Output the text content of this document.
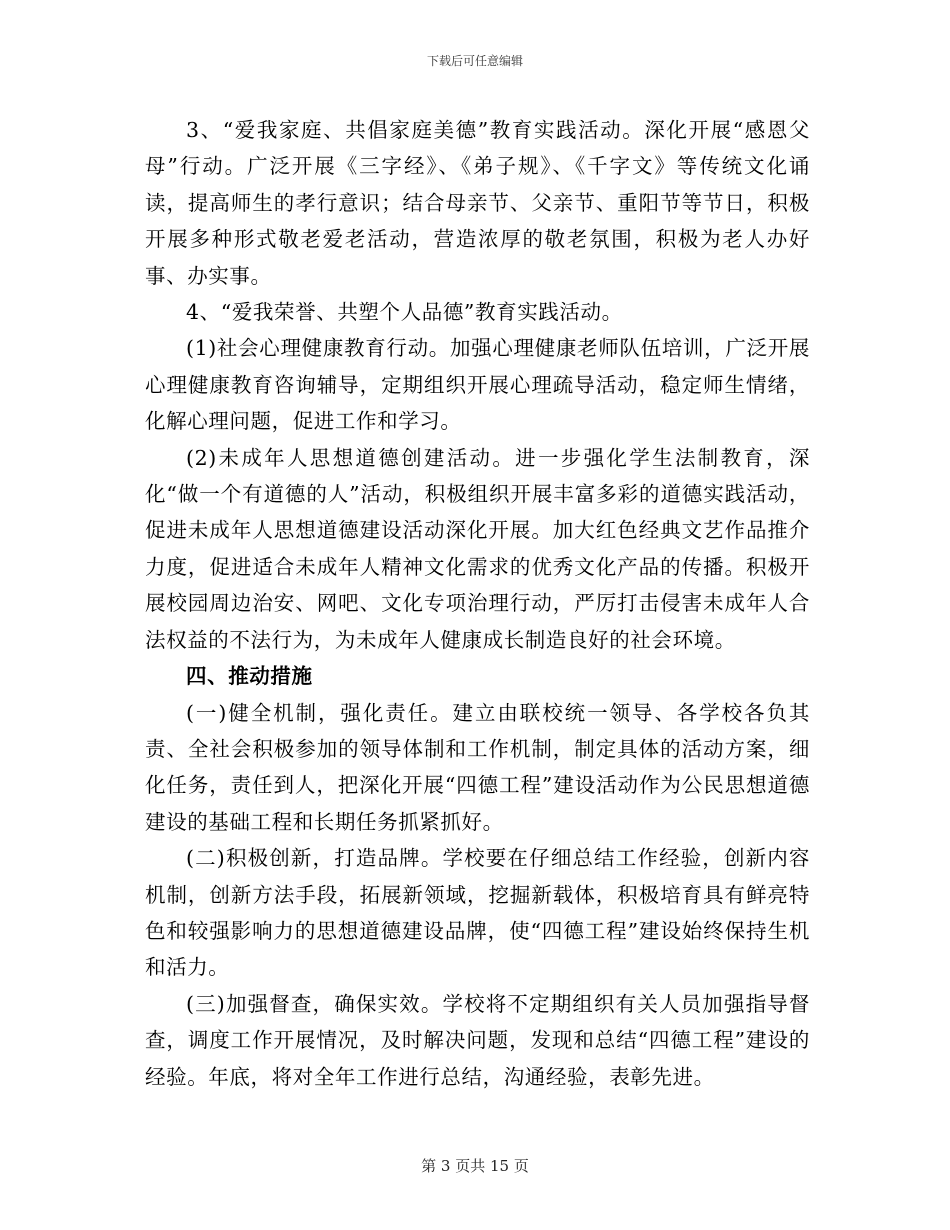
下载后可任意编辑

3、“爱我家庭、共倡家庭美德”教育实践活动。深化开展“感恩父母”行动。广泛开展《三字经》、《弟子规》、《千字文》等传统文化诵读，提高师生的孝行意识；结合母亲节、父亲节、重阳节等节日，积极开展多种形式敬老爱老活动，营造浓厚的敬老氛围，积极为老人办好事、办实事。

4、“爱我荣誉、共塑个人品德”教育实践活动。

(1)社会心理健康教育行动。加强心理健康老师队伍培训，广泛开展心理健康教育咨询辅导，定期组织开展心理疏导活动，稳定师生情绪，化解心理问题，促进工作和学习。

(2)未成年人思想道德创建活动。进一步强化学生法制教育，深化“做一个有道德的人”活动，积极组织开展丰富多彩的道德实践活动，促进未成年人思想道德建设活动深化开展。加大红色经典文艺作品推介力度，促进适合未成年人精神文化需求的优秀文化产品的传播。积极开展校园周边治安、网吧、文化专项治理行动，严厉打击侵害未成年人合法权益的不法行为，为未成年人健康成长制造良好的社会环境。

四、推动措施

(一)健全机制，强化责任。建立由联校统一领导、各学校各负其责、全社会积极参加的领导体制和工作机制，制定具体的活动方案，细化任务，责任到人，把深化开展“四德工程”建设活动作为公民思想道德建设的基础工程和长期任务抓紧抓好。

(二)积极创新，打造品牌。学校要在仔细总结工作经验，创新内容机制，创新方法手段，拓展新领域，挖掘新载体，积极培育具有鲜亮特色和较强影响力的思想道德建设品牌，使“四德工程”建设始终保持生机和活力。

(三)加强督查，确保实效。学校将不定期组织有关人员加强指导督查，调度工作开展情况，及时解决问题，发现和总结“四德工程”建设的经验。年底，将对全年工作进行总结，沟通经验，表彰先进。

第 3 页共 15 页
